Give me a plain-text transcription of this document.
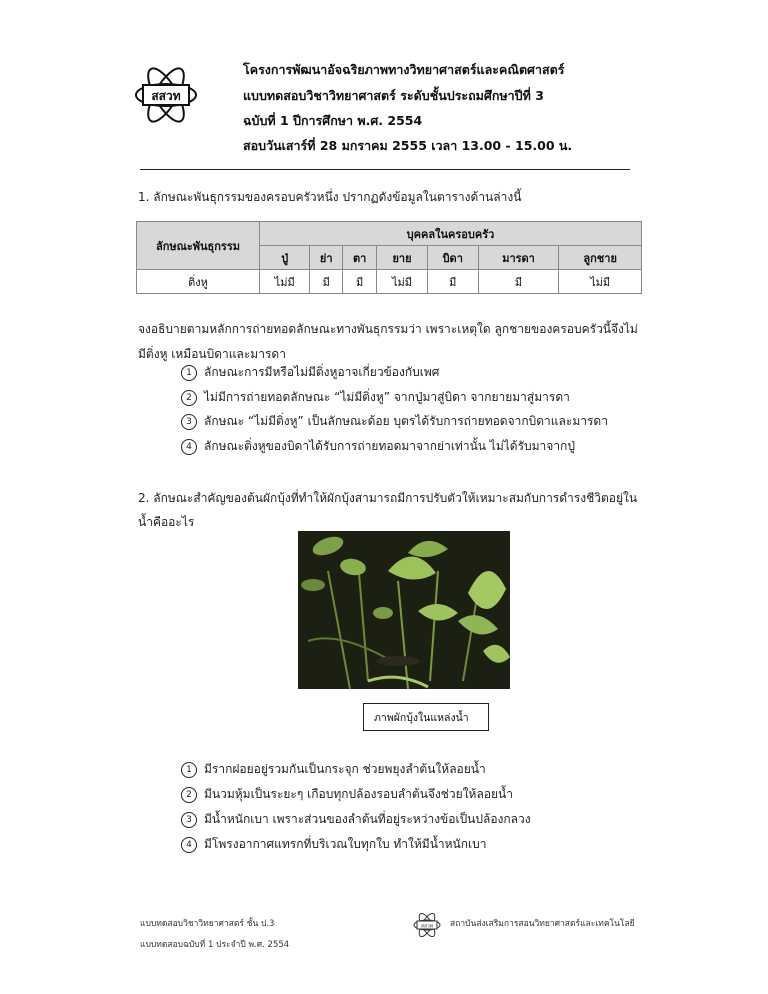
สสวท
โครงการพัฒนาอัจฉริยภาพทางวิทยาศาสตร์และคณิตศาสตร์
แบบทดสอบวิชาวิทยาศาสตร์ ระดับชั้นประถมศึกษาปีที่ 3
ฉบับที่ 1 ปีการศึกษา พ.ศ. 2554
สอบวันเสาร์ที่ 28 มกราคม 2555 เวลา 13.00 - 15.00 น.
1. ลักษณะพันธุกรรมของครอบครัวหนึ่ง ปรากฏดังข้อมูลในตารางด้านล่างนี้
ลักษณะพันธุกรรม	บุคคลในครอบครัว						
	ปู่	ย่า	ตา	ยาย	บิดา	มารดา	ลูกชาย
ติ่งหู	ไม่มี	มี	มี	ไม่มี	มี	มี	ไม่มี
จงอธิบายตามหลักการถ่ายทอดลักษณะทางพันธุกรรมว่า เพราะเหตุใด ลูกชายของครอบครัวนี้จึงไม่
มีติ่งหู เหมือนบิดาและมารดา
1 ลักษณะการมีหรือไม่มีติ่งหูอาจเกี่ยวข้องกับเพศ
2 ไม่มีการถ่ายทอดลักษณะ “ไม่มีติ่งหู” จากปู่มาสู่บิดา จากยายมาสู่มารดา
3 ลักษณะ “ไม่มีติ่งหู” เป็นลักษณะด้อย บุตรได้รับการถ่ายทอดจากบิดาและมารดา
4 ลักษณะติ่งหูของบิดาได้รับการถ่ายทอดมาจากย่าเท่านั้น ไม่ได้รับมาจากปู่
2. ลักษณะสำคัญของต้นผักบุ้งที่ทำให้ผักบุ้งสามารถมีการปรับตัวให้เหมาะสมกับการดำรงชีวิตอยู่ใน
น้ำคืออะไร
ภาพผักบุ้งในแหล่งน้ำ
1 มีรากฝอยอยู่รวมกันเป็นกระจุก ช่วยพยุงลำต้นให้ลอยน้ำ
2 มีนวมหุ้มเป็นระยะๆ เกือบทุกปล้องรอบลำต้นจึงช่วยให้ลอยน้ำ
3 มีน้ำหนักเบา เพราะส่วนของลำต้นที่อยู่ระหว่างข้อเป็นปล้องกลวง
4 มีโพรงอากาศแทรกที่บริเวณใบทุกใบ ทำให้มีน้ำหนักเบา
แบบทดสอบวิชาวิทยาศาสตร์ ชั้น ป.3
แบบทดสอบฉบับที่ 1 ประจำปี พ.ศ. 2554
สสวท สถาบันส่งเสริมการสอนวิทยาศาสตร์และเทคโนโลยี
